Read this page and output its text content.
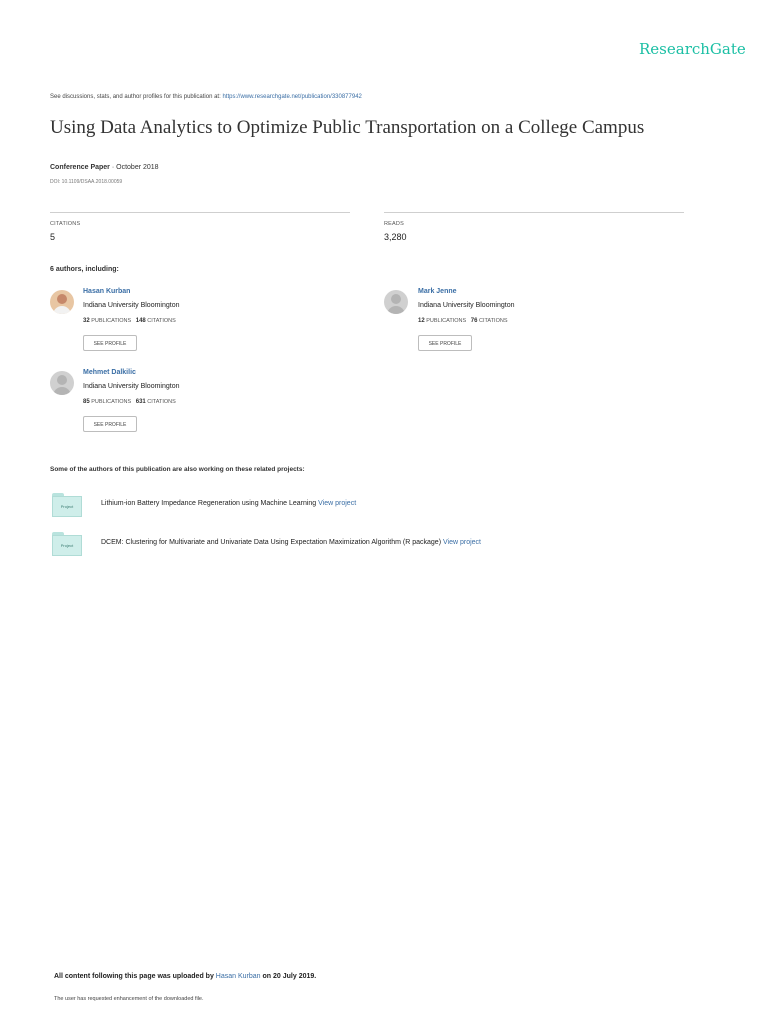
ResearchGate
See discussions, stats, and author profiles for this publication at: https://www.researchgate.net/publication/330877942
Using Data Analytics to Optimize Public Transportation on a College Campus
Conference Paper · October 2018
DOI: 10.1109/DSAA.2018.00059
CITATIONS
5
READS
3,280
6 authors, including:
Hasan Kurban
Indiana University Bloomington
32 PUBLICATIONS 148 CITATIONS
SEE PROFILE
Mark Jenne
Indiana University Bloomington
12 PUBLICATIONS 76 CITATIONS
SEE PROFILE
Mehmet Dalkilic
Indiana University Bloomington
85 PUBLICATIONS 631 CITATIONS
SEE PROFILE
Some of the authors of this publication are also working on these related projects:
Project	Lithium-ion Battery Impedance Regeneration using Machine Learning View project
Project	DCEM: Clustering for Multivariate and Univariate Data Using Expectation Maximization Algorithm (R package) View project
All content following this page was uploaded by Hasan Kurban on 20 July 2019.
The user has requested enhancement of the downloaded file.
